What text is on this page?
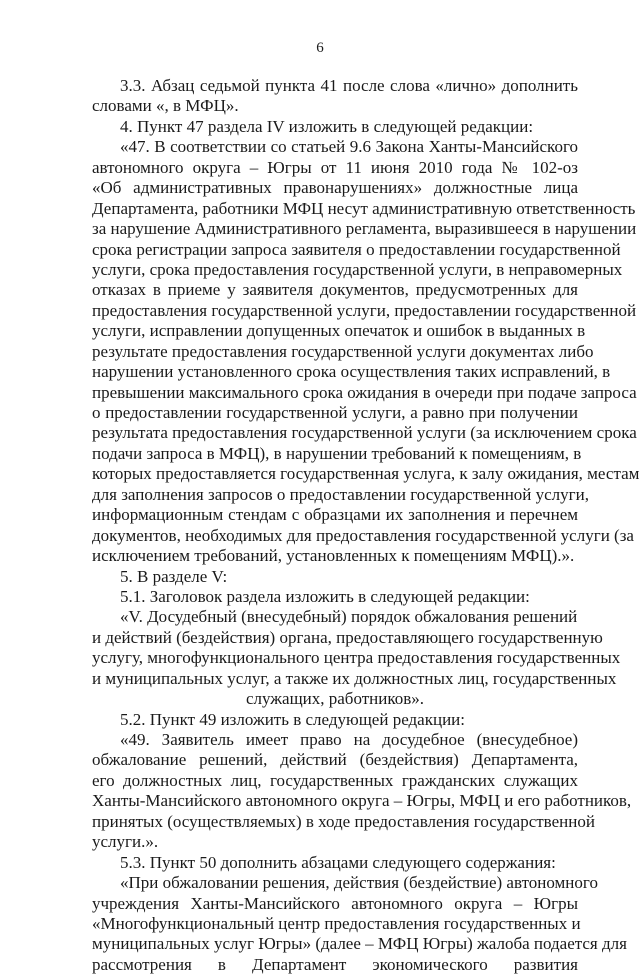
6
3.3. Абзац седьмой пункта 41 после слова «лично» дополнить
словами «, в МФЦ».
4. Пункт 47 раздела IV изложить в следующей редакции:
«47. В соответствии со статьей 9.6 Закона Ханты-Мансийского
автономного округа – Югры от 11 июня 2010 года № 102-оз
«Об административных правонарушениях» должностные лица
Департамента, работники МФЦ несут административную ответственность
за нарушение Административного регламента, выразившееся в нарушении
срока регистрации запроса заявителя о предоставлении государственной
услуги, срока предоставления государственной услуги, в неправомерных
отказах в приеме у заявителя документов, предусмотренных для
предоставления государственной услуги, предоставлении государственной
услуги, исправлении допущенных опечаток и ошибок в выданных в
результате предоставления государственной услуги документах либо
нарушении установленного срока осуществления таких исправлений, в
превышении максимального срока ожидания в очереди при подаче запроса
о предоставлении государственной услуги, а равно при получении
результата предоставления государственной услуги (за исключением срока
подачи запроса в МФЦ), в нарушении требований к помещениям, в
которых предоставляется государственная услуга, к залу ожидания, местам
для заполнения запросов о предоставлении государственной услуги,
информационным стендам с образцами их заполнения и перечнем
документов, необходимых для предоставления государственной услуги (за
исключением требований, установленных к помещениям МФЦ).».
5. В разделе V:
5.1. Заголовок раздела изложить в следующей редакции:
«V. Досудебный (внесудебный) порядок обжалования решений
и действий (бездействия) органа, предоставляющего государственную
услугу, многофункционального центра предоставления государственных
и муниципальных услуг, а также их должностных лиц, государственных
служащих, работников».
5.2. Пункт 49 изложить в следующей редакции:
«49. Заявитель имеет право на досудебное (внесудебное)
обжалование решений, действий (бездействия) Департамента,
его должностных лиц, государственных гражданских служащих
Ханты-Мансийского автономного округа – Югры, МФЦ и его работников,
принятых (осуществляемых) в ходе предоставления государственной
услуги.».
5.3. Пункт 50 дополнить абзацами следующего содержания:
«При обжаловании решения, действия (бездействие) автономного
учреждения Ханты-Мансийского автономного округа – Югры
«Многофункциональный центр предоставления государственных и
муниципальных услуг Югры» (далее – МФЦ Югры) жалоба подается для
рассмотрения в Департамент экономического развития
